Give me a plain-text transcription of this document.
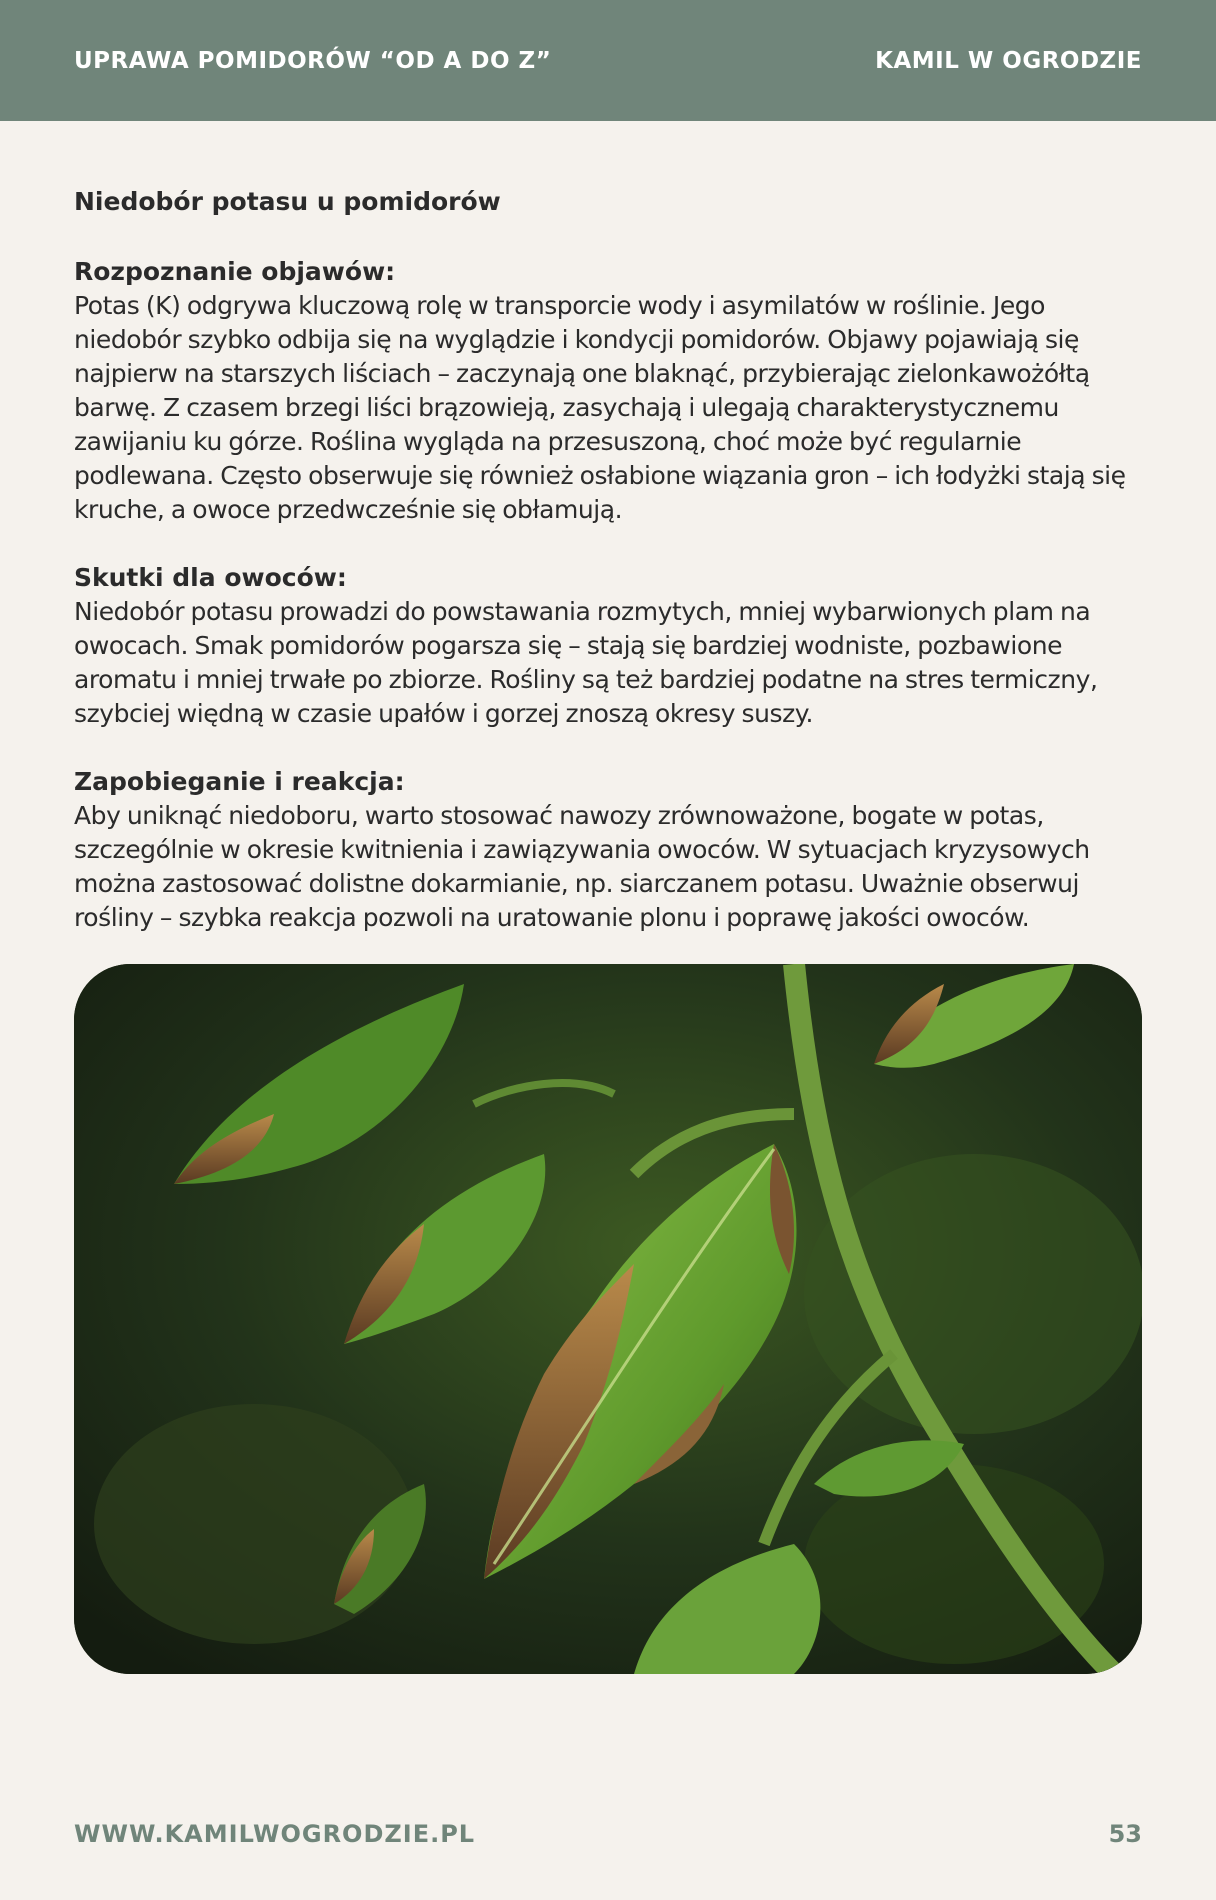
UPRAWA POMIDORÓW “OD A DO Z”	KAMIL W OGRODZIE

Niedobór potasu u pomidorów

Rozpoznanie objawów:

Potas (K) odgrywa kluczową rolę w transporcie wody i asymilatów w roślinie. Jego niedobór szybko odbija się na wyglądzie i kondycji pomidorów. Objawy pojawiają się najpierw na starszych liściach – zaczynają one blaknąć, przybierając zielonkawożółtą barwę. Z czasem brzegi liści brązowieją, zasychają i ulegają charakterystycznemu zawijaniu ku górze. Roślina wygląda na przesuszoną, choć może być regularnie podlewana. Często obserwuje się również osłabione wiązania gron – ich łodyżki stają się kruche, a owoce przedwcześnie się obłamują.

Skutki dla owoców:

Niedobór potasu prowadzi do powstawania rozmytych, mniej wybarwionych plam na owocach. Smak pomidorów pogarsza się – stają się bardziej wodniste, pozbawione aromatu i mniej trwałe po zbiorze. Rośliny są też bardziej podatne na stres termiczny, szybciej więdną w czasie upałów i gorzej znoszą okresy suszy.

Zapobieganie i reakcja:

Aby uniknąć niedoboru, warto stosować nawozy zrównoważone, bogate w potas, szczególnie w okresie kwitnienia i zawiązywania owoców. W sytuacjach kryzysowych można zastosować dolistne dokarmianie, np. siarczanem potasu. Uważnie obserwuj rośliny – szybka reakcja pozwoli na uratowanie plonu i poprawę jakości owoców.

WWW.KAMILWOGRODZIE.PL	53
